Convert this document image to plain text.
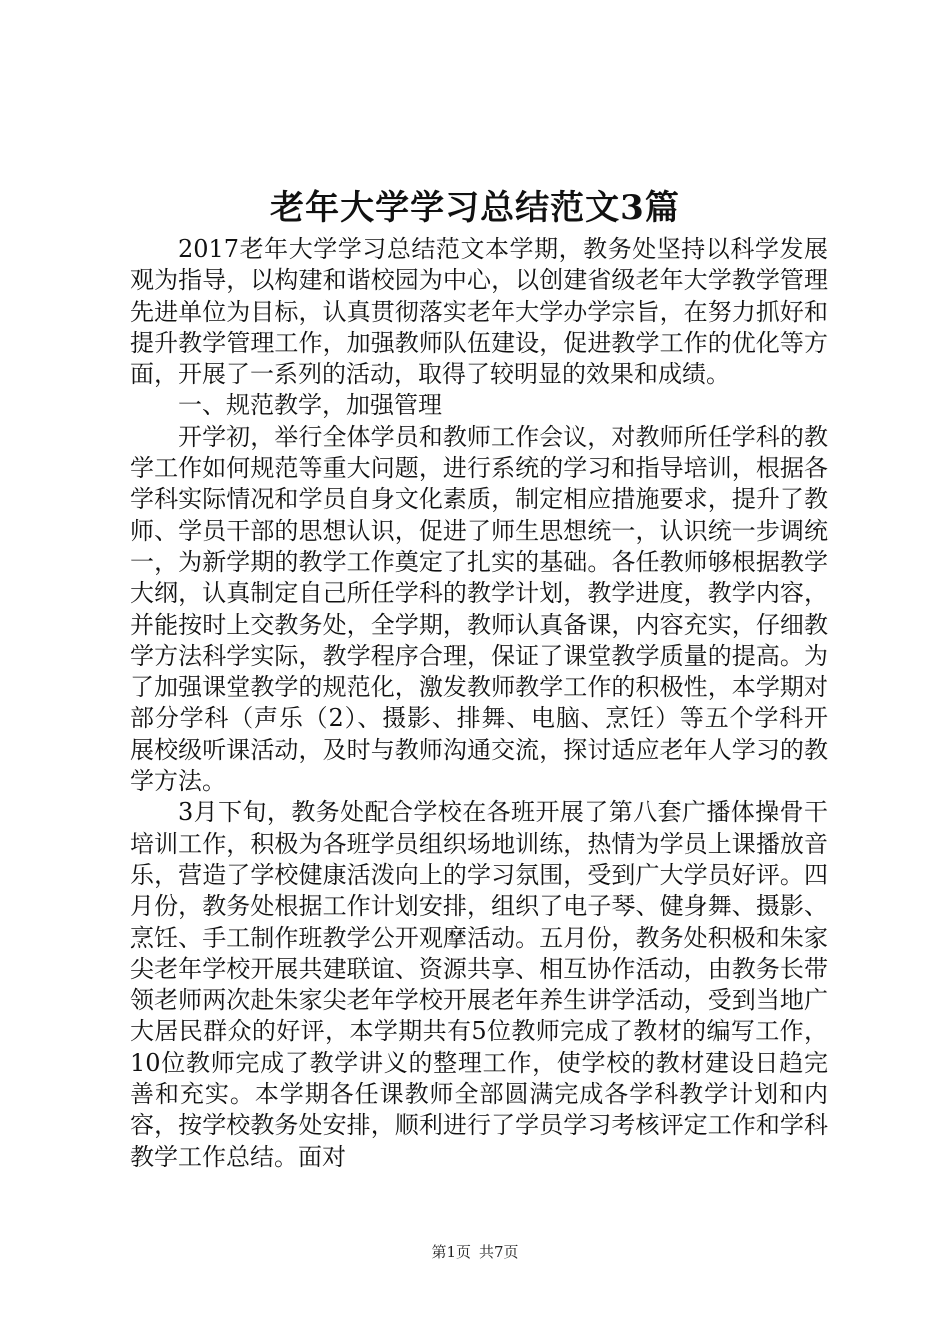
老年大学学习总结范文3篇

2017老年大学学习总结范文本学期，教务处坚持以科学发展观为指导，以构建和谐校园为中心，以创建省级老年大学教学管理先进单位为目标，认真贯彻落实老年大学办学宗旨，在努力抓好和提升教学管理工作，加强教师队伍建设，促进教学工作的优化等方面，开展了一系列的活动，取得了较明显的效果和成绩。

一、规范教学，加强管理

开学初，举行全体学员和教师工作会议，对教师所任学科的教学工作如何规范等重大问题，进行系统的学习和指导培训，根据各学科实际情况和学员自身文化素质，制定相应措施要求，提升了教师、学员干部的思想认识，促进了师生思想统一，认识统一步调统一，为新学期的教学工作奠定了扎实的基础。各任教师够根据教学大纲，认真制定自己所任学科的教学计划，教学进度，教学内容，并能按时上交教务处，全学期，教师认真备课，内容充实，仔细教学方法科学实际，教学程序合理，保证了课堂教学质量的提高。为了加强课堂教学的规范化，激发教师教学工作的积极性，本学期对部分学科（声乐（2）、摄影、排舞、电脑、烹饪）等五个学科开展校级听课活动，及时与教师沟通交流，探讨适应老年人学习的教学方法。

3月下旬，教务处配合学校在各班开展了第八套广播体操骨干培训工作，积极为各班学员组织场地训练，热情为学员上课播放音乐，营造了学校健康活泼向上的学习氛围，受到广大学员好评。四月份，教务处根据工作计划安排，组织了电子琴、健身舞、摄影、烹饪、手工制作班教学公开观摩活动。五月份，教务处积极和朱家尖老年学校开展共建联谊、资源共享、相互协作活动，由教务长带领老师两次赴朱家尖老年学校开展老年养生讲学活动，受到当地广大居民群众的好评，本学期共有5位教师完成了教材的编写工作，10位教师完成了教学讲义的整理工作，使学校的教材建设日趋完善和充实。本学期各任课教师全部圆满完成各学科教学计划和内容，按学校教务处安排，顺利进行了学员学习考核评定工作和学科教学工作总结。面对

第1页 共7页
